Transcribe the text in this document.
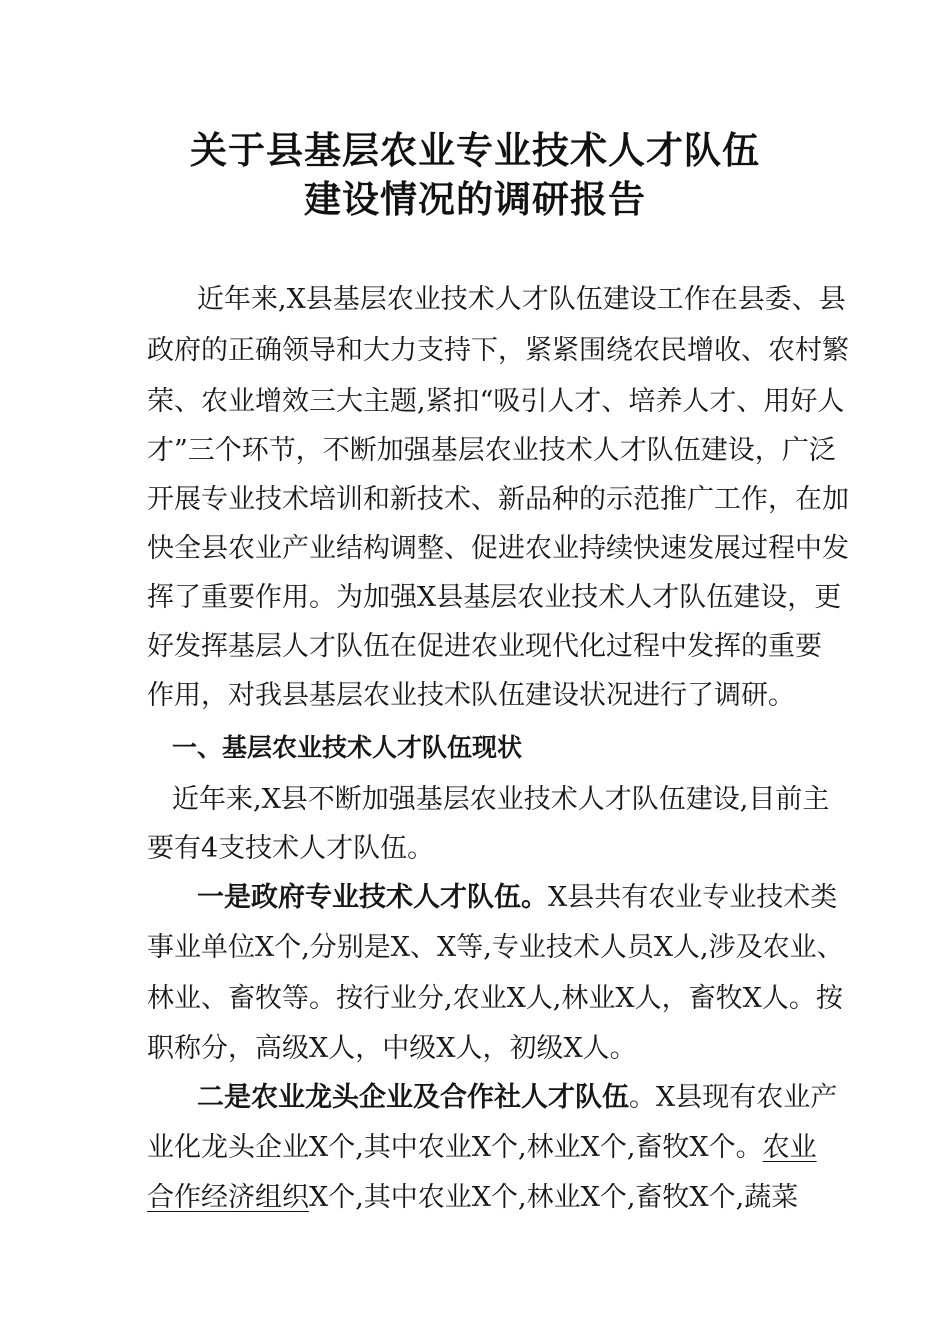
关于县基层农业专业技术人才队伍
建设情况的调研报告
近年来,X县基层农业技术人才队伍建设工作在县委、县
政府的正确领导和大力支持下，紧紧围绕农民增收、农村繁
荣、农业增效三大主题,紧扣“吸引人才、培养人才、用好人
才”三个环节，不断加强基层农业技术人才队伍建设，广泛
开展专业技术培训和新技术、新品种的示范推广工作，在加
快全县农业产业结构调整、促进农业持续快速发展过程中发
挥了重要作用。为加强X县基层农业技术人才队伍建设，更
好发挥基层人才队伍在促进农业现代化过程中发挥的重要
作用，对我县基层农业技术队伍建设状况进行了调研。
一、基层农业技术人才队伍现状
近年来,X县不断加强基层农业技术人才队伍建设,目前主
要有4支技术人才队伍。
一是政府专业技术人才队伍。X县共有农业专业技术类
事业单位X个,分别是X、X等,专业技术人员X人,涉及农业、
林业、畜牧等。按行业分,农业X人,林业X人，畜牧X人。按
职称分，高级X人，中级X人，初级X人。
二是农业龙头企业及合作社人才队伍。X县现有农业产
业化龙头企业X个,其中农业X个,林业X个,畜牧X个。农业
合作经济组织X个,其中农业X个,林业X个,畜牧X个,蔬菜
